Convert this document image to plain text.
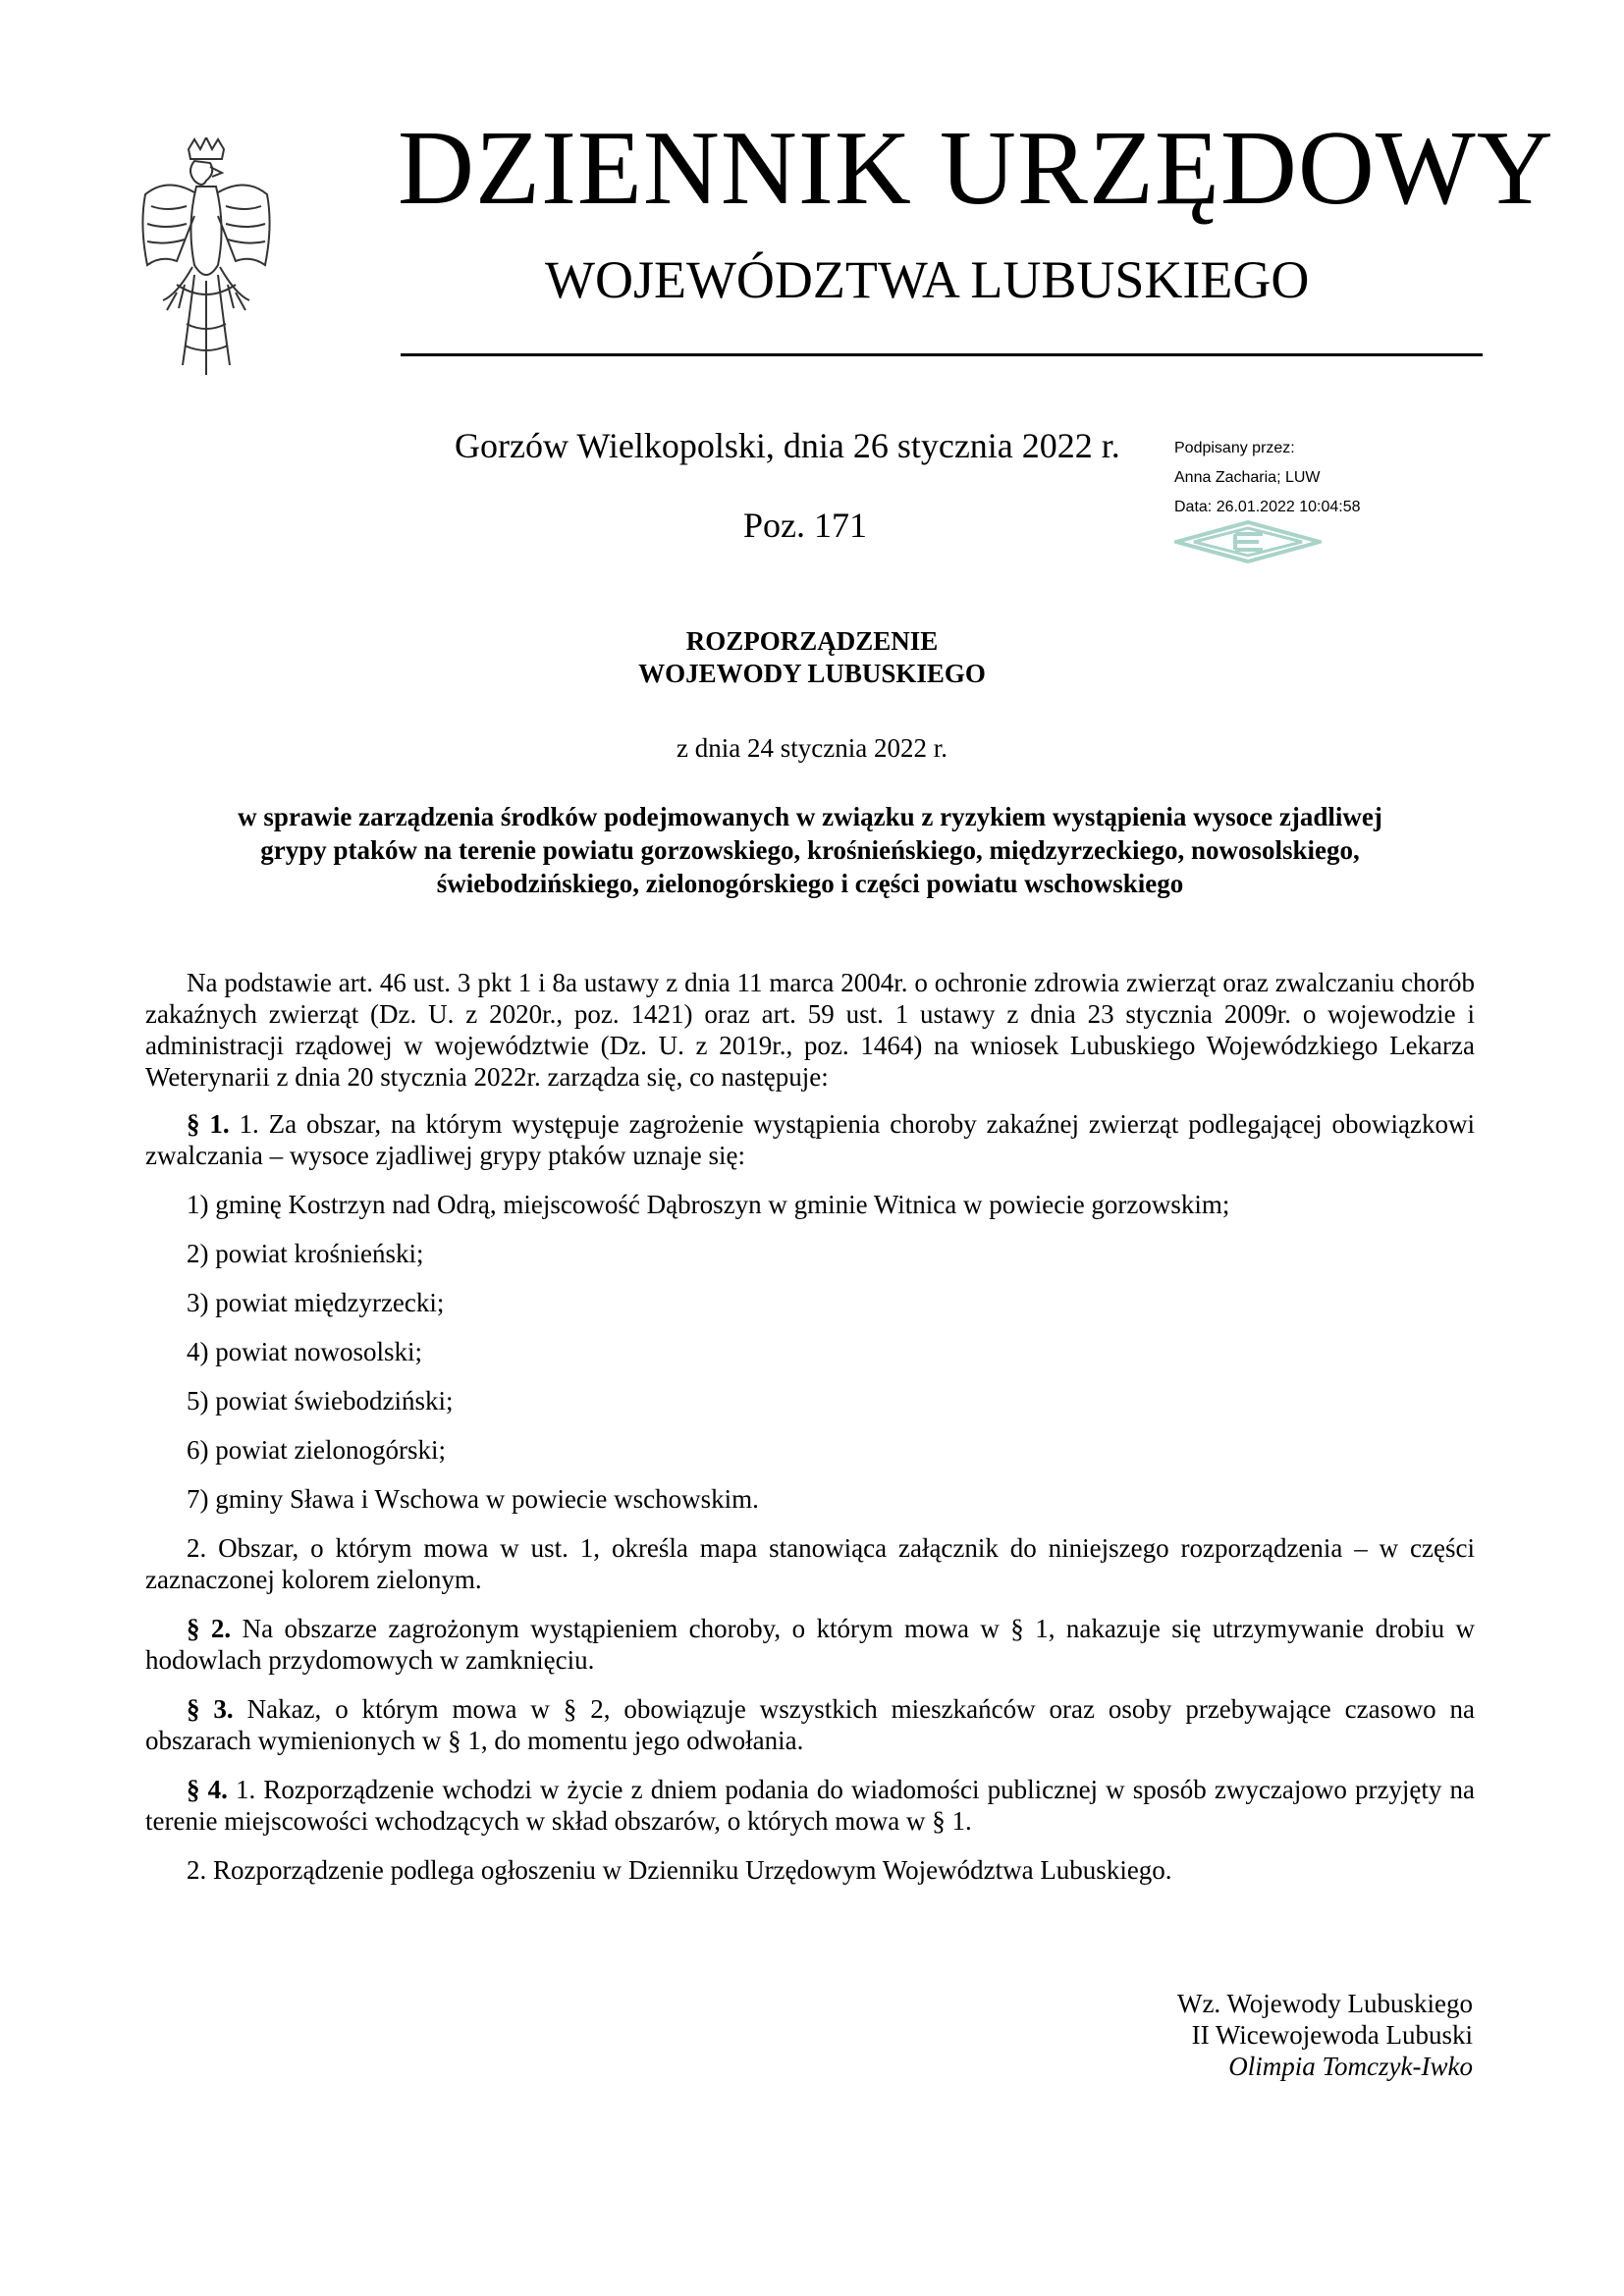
DZIENNIK URZĘDOWY
WOJEWÓDZTWA LUBUSKIEGO
Gorzów Wielkopolski, dnia 26 stycznia 2022 r.
Poz. 171
Podpisany przez:
Anna Zacharia; LUW
Data: 26.01.2022 10:04:58
ROZPORZĄDZENIE
WOJEWODY LUBUSKIEGO
z dnia 24 stycznia 2022 r.
w sprawie zarządzenia środków podejmowanych w związku z ryzykiem wystąpienia wysoce zjadliwej
grypy ptaków na terenie powiatu gorzowskiego, krośnieńskiego, międzyrzeckiego, nowosolskiego,
świebodzińskiego, zielonogórskiego i części powiatu wschowskiego

Na podstawie art. 46 ust. 3 pkt 1 i 8a ustawy z dnia 11 marca 2004r. o ochronie zdrowia zwierząt oraz zwalczaniu chorób zakaźnych zwierząt (Dz. U. z 2020r., poz. 1421) oraz art. 59 ust. 1 ustawy z dnia 23 stycznia 2009r. o wojewodzie i administracji rządowej w województwie (Dz. U. z 2019r., poz. 1464) na wniosek Lubuskiego Wojewódzkiego Lekarza Weterynarii z dnia 20 stycznia 2022r. zarządza się, co następuje:

§ 1. 1. Za obszar, na którym występuje zagrożenie wystąpienia choroby zakaźnej zwierząt podlegającej obowiązkowi zwalczania – wysoce zjadliwej grypy ptaków uznaje się:

1) gminę Kostrzyn nad Odrą, miejscowość Dąbroszyn w gminie Witnica w powiecie gorzowskim;
2) powiat krośnieński;
3) powiat międzyrzecki;
4) powiat nowosolski;
5) powiat świebodziński;
6) powiat zielonogórski;
7) gminy Sława i Wschowa w powiecie wschowskim.

2. Obszar, o którym mowa w ust. 1, określa mapa stanowiąca załącznik do niniejszego rozporządzenia – w części zaznaczonej kolorem zielonym.

§ 2. Na obszarze zagrożonym wystąpieniem choroby, o którym mowa w § 1, nakazuje się utrzymywanie drobiu w hodowlach przydomowych w zamknięciu.

§ 3. Nakaz, o którym mowa w § 2, obowiązuje wszystkich mieszkańców oraz osoby przebywające czasowo na obszarach wymienionych w § 1, do momentu jego odwołania.

§ 4. 1. Rozporządzenie wchodzi w życie z dniem podania do wiadomości publicznej w sposób zwyczajowo przyjęty na terenie miejscowości wchodzących w skład obszarów, o których mowa w § 1.

2. Rozporządzenie podlega ogłoszeniu w Dzienniku Urzędowym Województwa Lubuskiego.

Wz. Wojewody Lubuskiego
II Wicewojewoda Lubuski
Olimpia Tomczyk-Iwko
